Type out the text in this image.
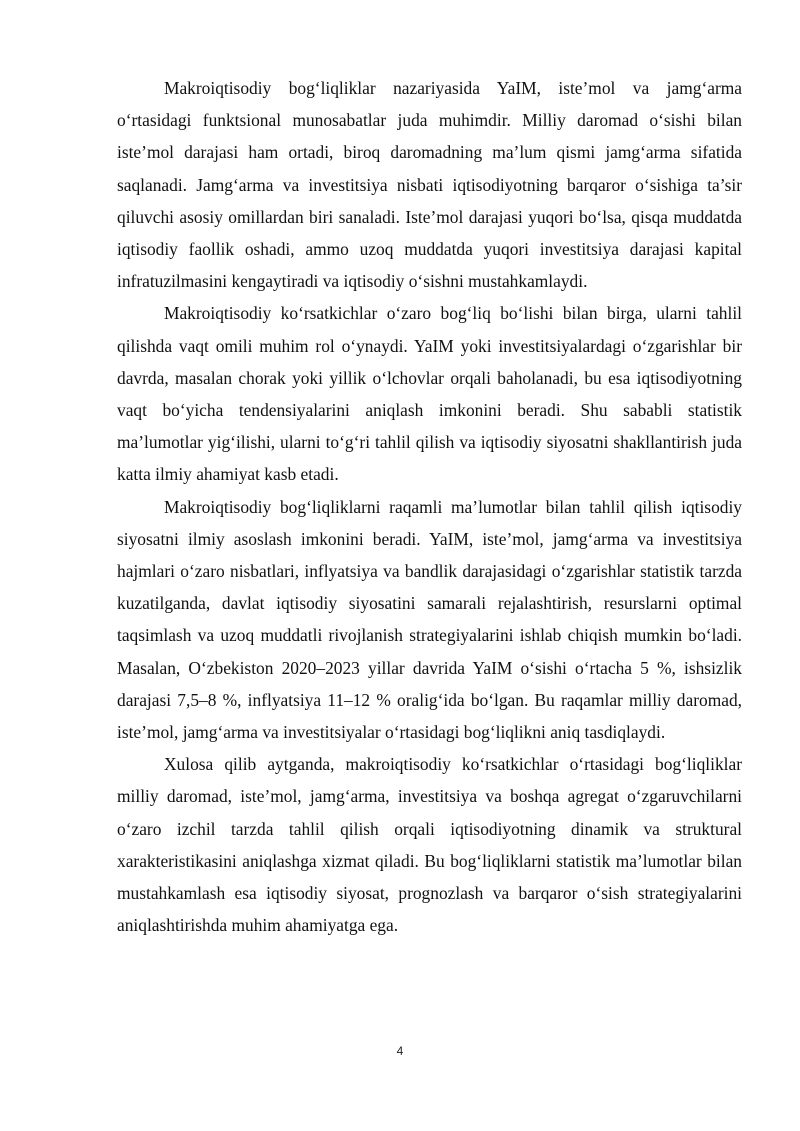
Makroiqtisodiy bog‘liqliklar nazariyasida YaIM, iste’mol va jamg‘arma o‘rtasidagi funktsional munosabatlar juda muhimdir. Milliy daromad o‘sishi bilan iste’mol darajasi ham ortadi, biroq daromadning ma’lum qismi jamg‘arma sifatida saqlanadi. Jamg‘arma va investitsiya nisbati iqtisodiyotning barqaror o‘sishiga ta’sir qiluvchi asosiy omillardan biri sanaladi. Iste’mol darajasi yuqori bo‘lsa, qisqa muddatda iqtisodiy faollik oshadi, ammo uzoq muddatda yuqori investitsiya darajasi kapital infratuzilmasini kengaytiradi va iqtisodiy o‘sishni mustahkamlaydi.

Makroiqtisodiy ko‘rsatkichlar o‘zaro bog‘liq bo‘lishi bilan birga, ularni tahlil qilishda vaqt omili muhim rol o‘ynaydi. YaIM yoki investitsiyalardagi o‘zgarishlar bir davrda, masalan chorak yoki yillik o‘lchovlar orqali baholanadi, bu esa iqtisodiyotning vaqt bo‘yicha tendensiyalarini aniqlash imkonini beradi. Shu sababli statistik ma’lumotlar yig‘ilishi, ularni to‘g‘ri tahlil qilish va iqtisodiy siyosatni shakllantirish juda katta ilmiy ahamiyat kasb etadi.

Makroiqtisodiy bog‘liqliklarni raqamli ma’lumotlar bilan tahlil qilish iqtisodiy siyosatni ilmiy asoslash imkonini beradi. YaIM, iste’mol, jamg‘arma va investitsiya hajmlari o‘zaro nisbatlari, inflyatsiya va bandlik darajasidagi o‘zgarishlar statistik tarzda kuzatilganda, davlat iqtisodiy siyosatini samarali rejalashtirish, resurslarni optimal taqsimlash va uzoq muddatli rivojlanish strategiyalarini ishlab chiqish mumkin bo‘ladi. Masalan, O‘zbekiston 2020–2023 yillar davrida YaIM o‘sishi o‘rtacha 5 %, ishsizlik darajasi 7,5–8 %, inflyatsiya 11–12 % oralig‘ida bo‘lgan. Bu raqamlar milliy daromad, iste’mol, jamg‘arma va investitsiyalar o‘rtasidagi bog‘liqlikni aniq tasdiqlaydi.

Xulosa qilib aytganda, makroiqtisodiy ko‘rsatkichlar o‘rtasidagi bog‘liqliklar milliy daromad, iste’mol, jamg‘arma, investitsiya va boshqa agregat o‘zgaruvchilarni o‘zaro izchil tarzda tahlil qilish orqali iqtisodiyotning dinamik va struktural xarakteristikasini aniqlashga xizmat qiladi. Bu bog‘liqliklarni statistik ma’lumotlar bilan mustahkamlash esa iqtisodiy siyosat, prognozlash va barqaror o‘sish strategiyalarini aniqlashtirishda muhim ahamiyatga ega.

4
